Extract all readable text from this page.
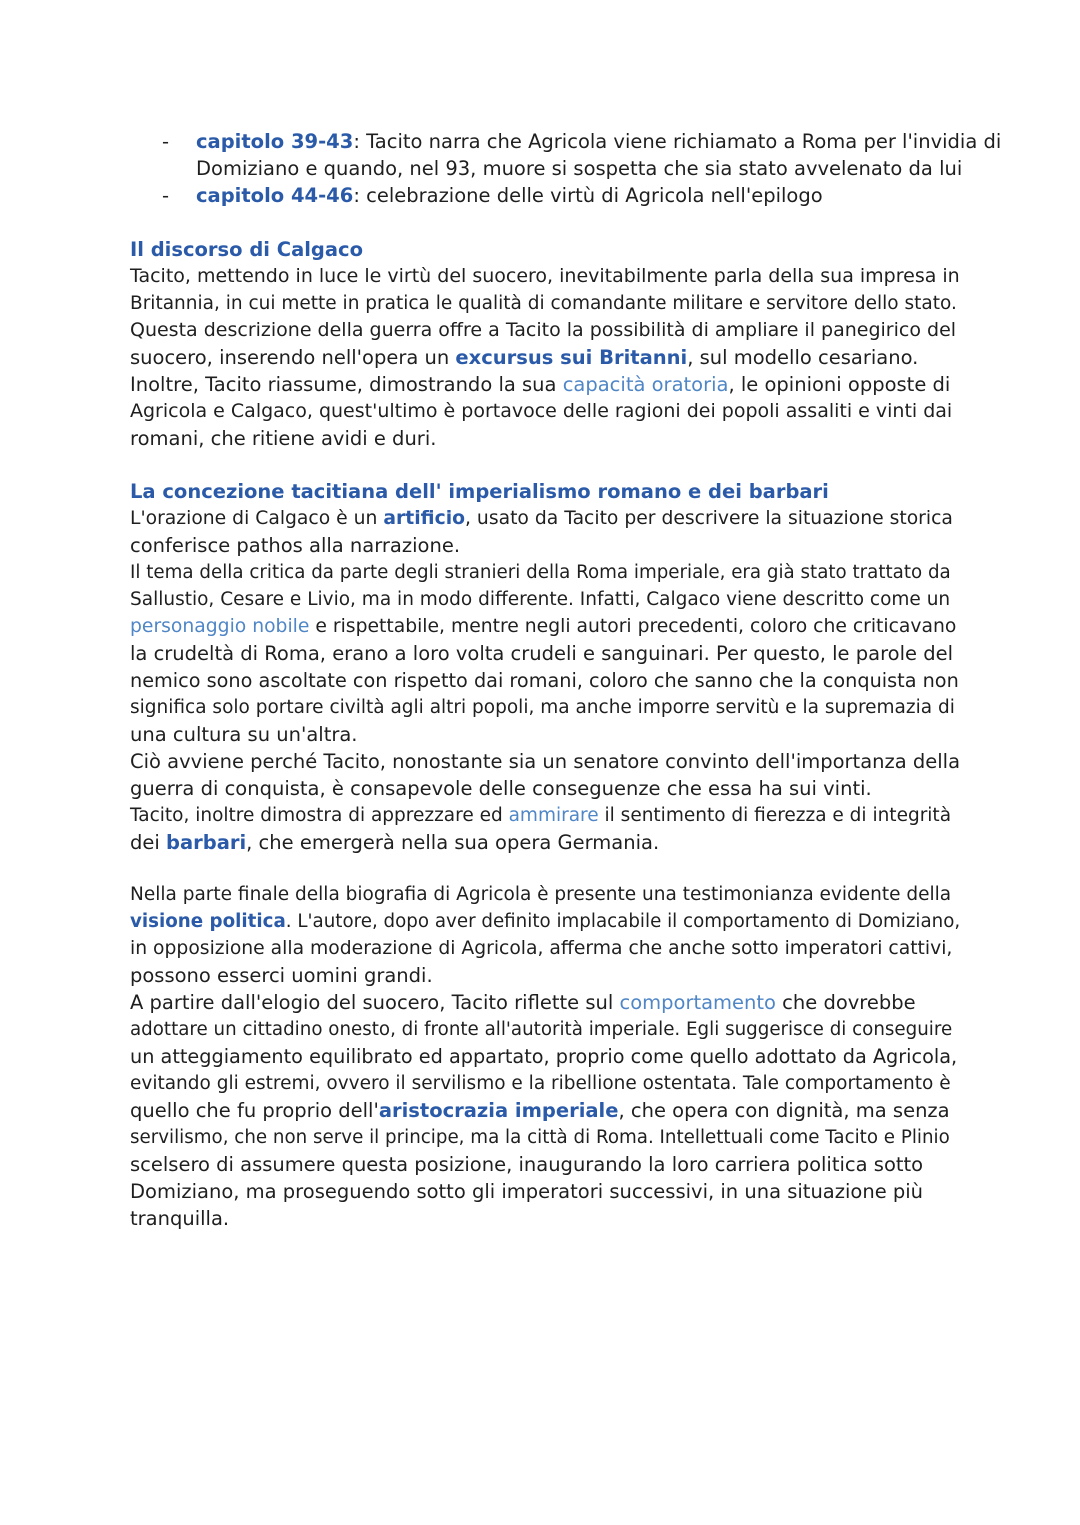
- capitolo 39-43: Tacito narra che Agricola viene richiamato a Roma per l'invidia di
Domiziano e quando, nel 93, muore si sospetta che sia stato avvelenato da lui
- capitolo 44-46: celebrazione delle virtù di Agricola nell'epilogo
Il discorso di Calgaco
Tacito, mettendo in luce le virtù del suocero, inevitabilmente parla della sua impresa in
Britannia, in cui mette in pratica le qualità di comandante militare e servitore dello stato.
Questa descrizione della guerra offre a Tacito la possibilità di ampliare il panegirico del
suocero, inserendo nell'opera un excursus sui Britanni, sul modello cesariano.
Inoltre, Tacito riassume, dimostrando la sua capacità oratoria, le opinioni opposte di
Agricola e Calgaco, quest'ultimo è portavoce delle ragioni dei popoli assaliti e vinti dai
romani, che ritiene avidi e duri.
La concezione tacitiana dell' imperialismo romano e dei barbari
L'orazione di Calgaco è un artificio, usato da Tacito per descrivere la situazione storica
conferisce pathos alla narrazione.
Il tema della critica da parte degli stranieri della Roma imperiale, era già stato trattato da
Sallustio, Cesare e Livio, ma in modo differente. Infatti, Calgaco viene descritto come un
personaggio nobile e rispettabile, mentre negli autori precedenti, coloro che criticavano
la crudeltà di Roma, erano a loro volta crudeli e sanguinari. Per questo, le parole del
nemico sono ascoltate con rispetto dai romani, coloro che sanno che la conquista non
significa solo portare civiltà agli altri popoli, ma anche imporre servitù e la supremazia di
una cultura su un'altra.
Ciò avviene perché Tacito, nonostante sia un senatore convinto dell'importanza della
guerra di conquista, è consapevole delle conseguenze che essa ha sui vinti.
Tacito, inoltre dimostra di apprezzare ed ammirare il sentimento di fierezza e di integrità
dei barbari, che emergerà nella sua opera Germania.
Nella parte finale della biografia di Agricola è presente una testimonianza evidente della
visione politica. L'autore, dopo aver definito implacabile il comportamento di Domiziano,
in opposizione alla moderazione di Agricola, afferma che anche sotto imperatori cattivi,
possono esserci uomini grandi.
A partire dall'elogio del suocero, Tacito riflette sul comportamento che dovrebbe
adottare un cittadino onesto, di fronte all'autorità imperiale. Egli suggerisce di conseguire
un atteggiamento equilibrato ed appartato, proprio come quello adottato da Agricola,
evitando gli estremi, ovvero il servilismo e la ribellione ostentata. Tale comportamento è
quello che fu proprio dell'aristocrazia imperiale, che opera con dignità, ma senza
servilismo, che non serve il principe, ma la città di Roma. Intellettuali come Tacito e Plinio
scelsero di assumere questa posizione, inaugurando la loro carriera politica sotto
Domiziano, ma proseguendo sotto gli imperatori successivi, in una situazione più
tranquilla.
